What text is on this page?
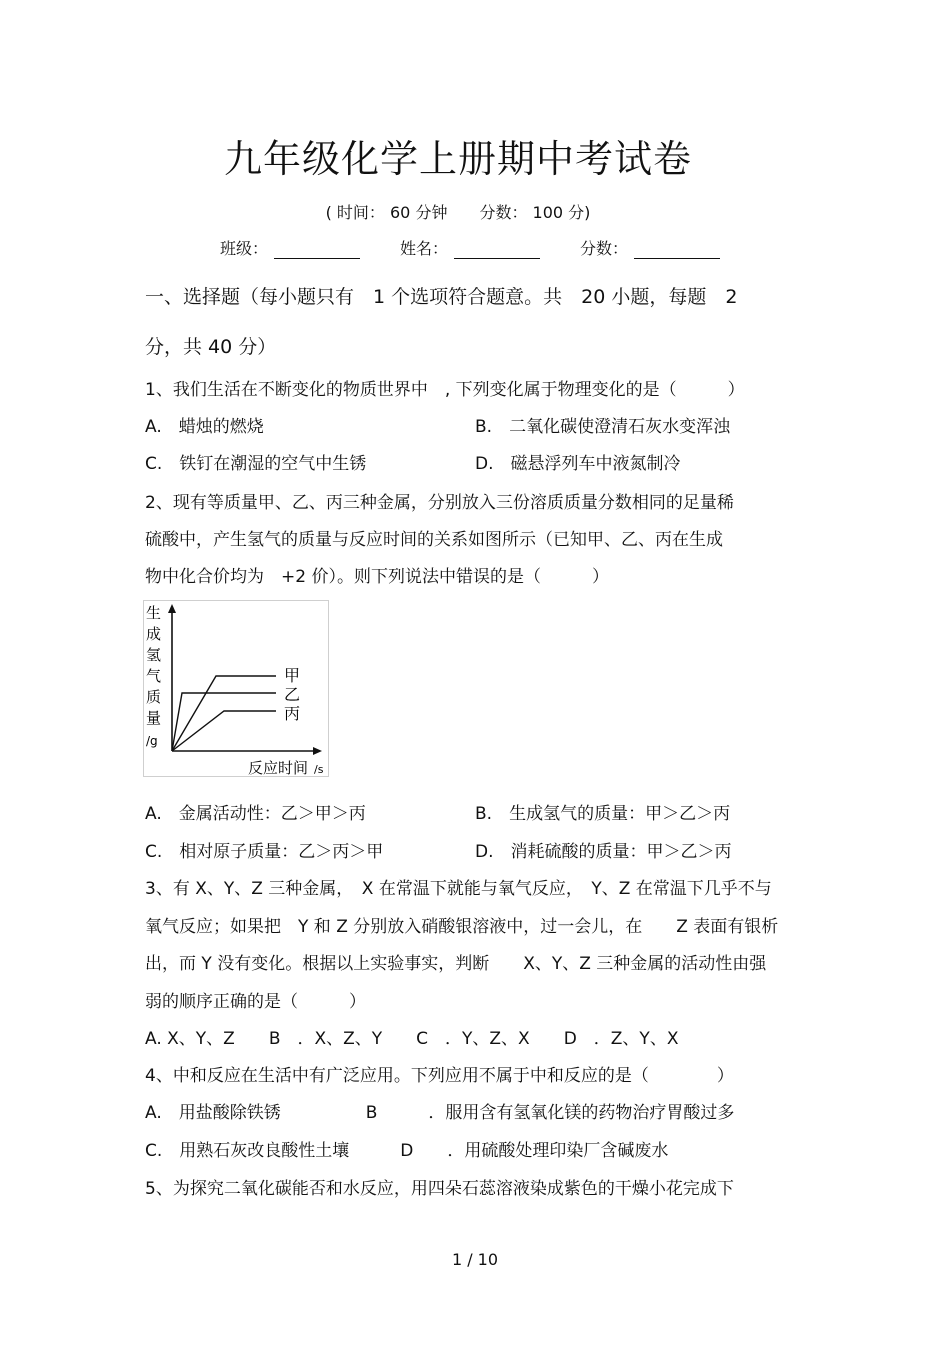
九年级化学上册期中考试卷
( 时间： 60 分钟　　分数： 100 分)
班级：	姓名：	分数：
一、选择题（每小题只有　1 个选项符合题意。共　20 小题，每题　2
分，共 40 分）
1、我们生活在不断变化的物质世界中　, 下列变化属于物理变化的是（　　　）
A.　蜡烛的燃烧	B.　二氧化碳使澄清石灰水变浑浊
C.　铁钉在潮湿的空气中生锈	D.　磁悬浮列车中液氮制冷
2、现有等质量甲、乙、丙三种金属，分别放入三份溶质质量分数相同的足量稀
硫酸中，产生氢气的质量与反应时间的关系如图所示（已知甲、乙、丙在生成
物中化合价均为　+2 价）。则下列说法中错误的是（　　　）
生
成
氢
气
质
量
/g
甲
乙
丙
反应时间 /s
A.　金属活动性：乙＞甲＞丙	B.　生成氢气的质量：甲＞乙＞丙
C.　相对原子质量：乙＞丙＞甲	D.　消耗硫酸的质量：甲＞乙＞丙
3、有 X、Y、Z 三种金属，　X 在常温下就能与氧气反应，　Y、Z 在常温下几乎不与
氧气反应；如果把　Y 和 Z 分别放入硝酸银溶液中，过一会儿，在　　Z 表面有银析
出，而 Y 没有变化。根据以上实验事实，判断　　X、Y、Z 三种金属的活动性由强
弱的顺序正确的是（　　　）
A. X、Y、Z　　B　．X、Z、Y　　C　．Y、Z、X　　D　．Z、Y、X
4、中和反应在生活中有广泛应用。下列应用不属于中和反应的是（　　　　）
A.　用盐酸除铁锈　　　　　B　　　．服用含有氢氧化镁的药物治疗胃酸过多
C.　用熟石灰改良酸性土壤　　　D　　．用硫酸处理印染厂含碱废水
5、为探究二氧化碳能否和水反应，用四朵石蕊溶液染成紫色的干燥小花完成下
1 / 10
